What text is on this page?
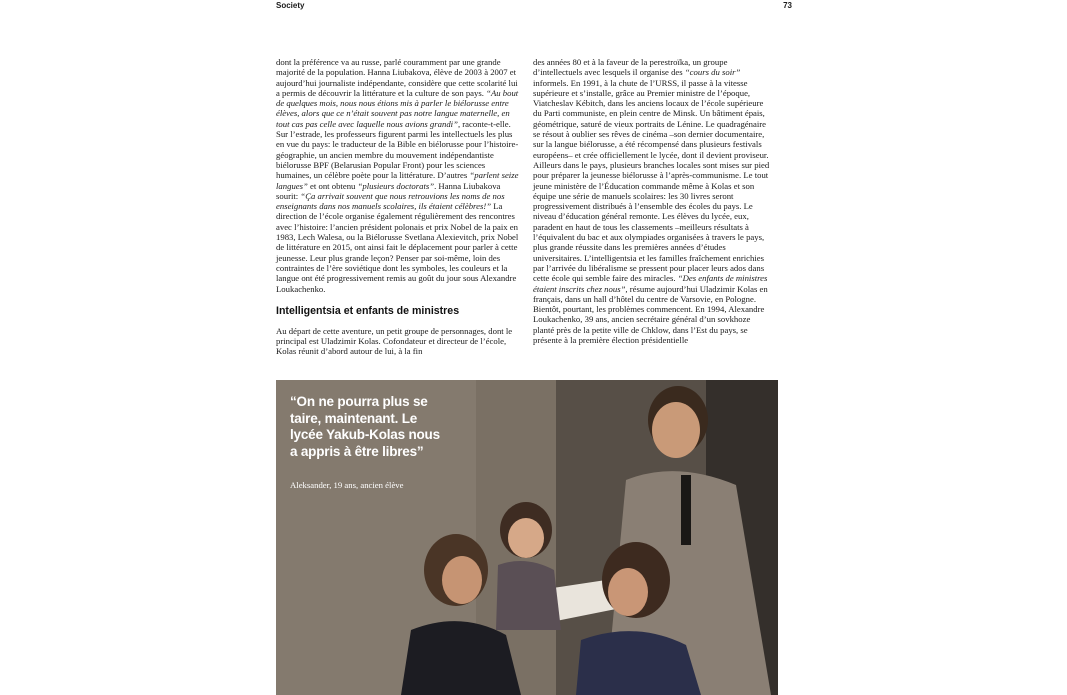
Society	73

dont la préférence va au russe, parlé couramment par une grande majorité de la population. Hanna Liubakova, élève de 2003 à 2007 et aujourd’hui journaliste indépendante, considère que cette scolarité lui a permis de découvrir la littérature et la culture de son pays. “Au bout de quelques mois, nous nous étions mis à parler le biélorusse entre élèves, alors que ce n’était souvent pas notre langue maternelle, en tout cas pas celle avec laquelle nous avions grandi”, raconte-t-elle. Sur l’estrade, les professeurs figurent parmi les intellectuels les plus en vue du pays: le traducteur de la Bible en biélorusse pour l’histoire-géographie, un ancien membre du mouvement indépendantiste biélorusse BPF (Belarusian Popular Front) pour les sciences humaines, un célèbre poète pour la littérature. D’autres “parlent seize langues” et ont obtenu “plusieurs doctorats”. Hanna Liubakova sourit: “Ça arrivait souvent que nous retrouvions les noms de nos enseignants dans nos manuels scolaires, ils étaient célèbres!” La direction de l’école organise également régulièrement des rencontres avec l’histoire: l’ancien président polonais et prix Nobel de la paix en 1983, Lech Walesa, ou la Biélorusse Svetlana Alexievitch, prix Nobel de littérature en 2015, ont ainsi fait le déplacement pour parler à cette jeunesse. Leur plus grande leçon? Penser par soi-même, loin des contraintes de l’ère soviétique dont les symboles, les couleurs et la langue ont été progressivement remis au goût du jour sous Alexandre Loukachenko.

Intelligentsia et enfants de ministres

Au départ de cette aventure, un petit groupe de personnages, dont le principal est Uladzimir Kolas. Cofondateur et directeur de l’école, Kolas réunit d’abord autour de lui, à la fin

des années 80 et à la faveur de la perestroïka, un groupe d’intellectuels avec lesquels il organise des “cours du soir” informels. En 1991, à la chute de l’URSS, il passe à la vitesse supérieure et s’installe, grâce au Premier ministre de l’époque, Viatcheslav Kébitch, dans les anciens locaux de l’école supérieure du Parti communiste, en plein centre de Minsk. Un bâtiment épais, géométrique, saturé de vieux portraits de Lénine. Le quadragénaire se résout à oublier ses rêves de cinéma –son dernier documentaire, sur la langue biélorusse, a été récompensé dans plusieurs festivals européens– et crée officiellement le lycée, dont il devient proviseur. Ailleurs dans le pays, plusieurs branches locales sont mises sur pied pour préparer la jeunesse biélorusse à l’après-communisme. Le tout jeune ministère de l’Éducation commande même à Kolas et son équipe une série de manuels scolaires: les 30 livres seront progressivement distribués à l’ensemble des écoles du pays. Le niveau d’éducation général remonte. Les élèves du lycée, eux, paradent en haut de tous les classements –meilleurs résultats à l’équivalent du bac et aux olympiades organisées à travers le pays, plus grande réussite dans les premières années d’études universitaires. L’intelligentsia et les familles fraîchement enrichies par l’arrivée du libéralisme se pressent pour placer leurs ados dans cette école qui semble faire des miracles. “Des enfants de ministres étaient inscrits chez nous”, résume aujourd’hui Uladzimir Kolas en français, dans un hall d’hôtel du centre de Varsovie, en Pologne.

Bientôt, pourtant, les problèmes commencent. En 1994, Alexandre Loukachenko, 39 ans, ancien secrétaire général d’un sovkhoze planté près de la petite ville de Chklow, dans l’Est du pays, se présente à la première élection présidentielle

“On ne pourra plus se taire, maintenant. Le lycée Yakub-Kolas nous a appris à être libres”
Aleksander, 19 ans, ancien élève
